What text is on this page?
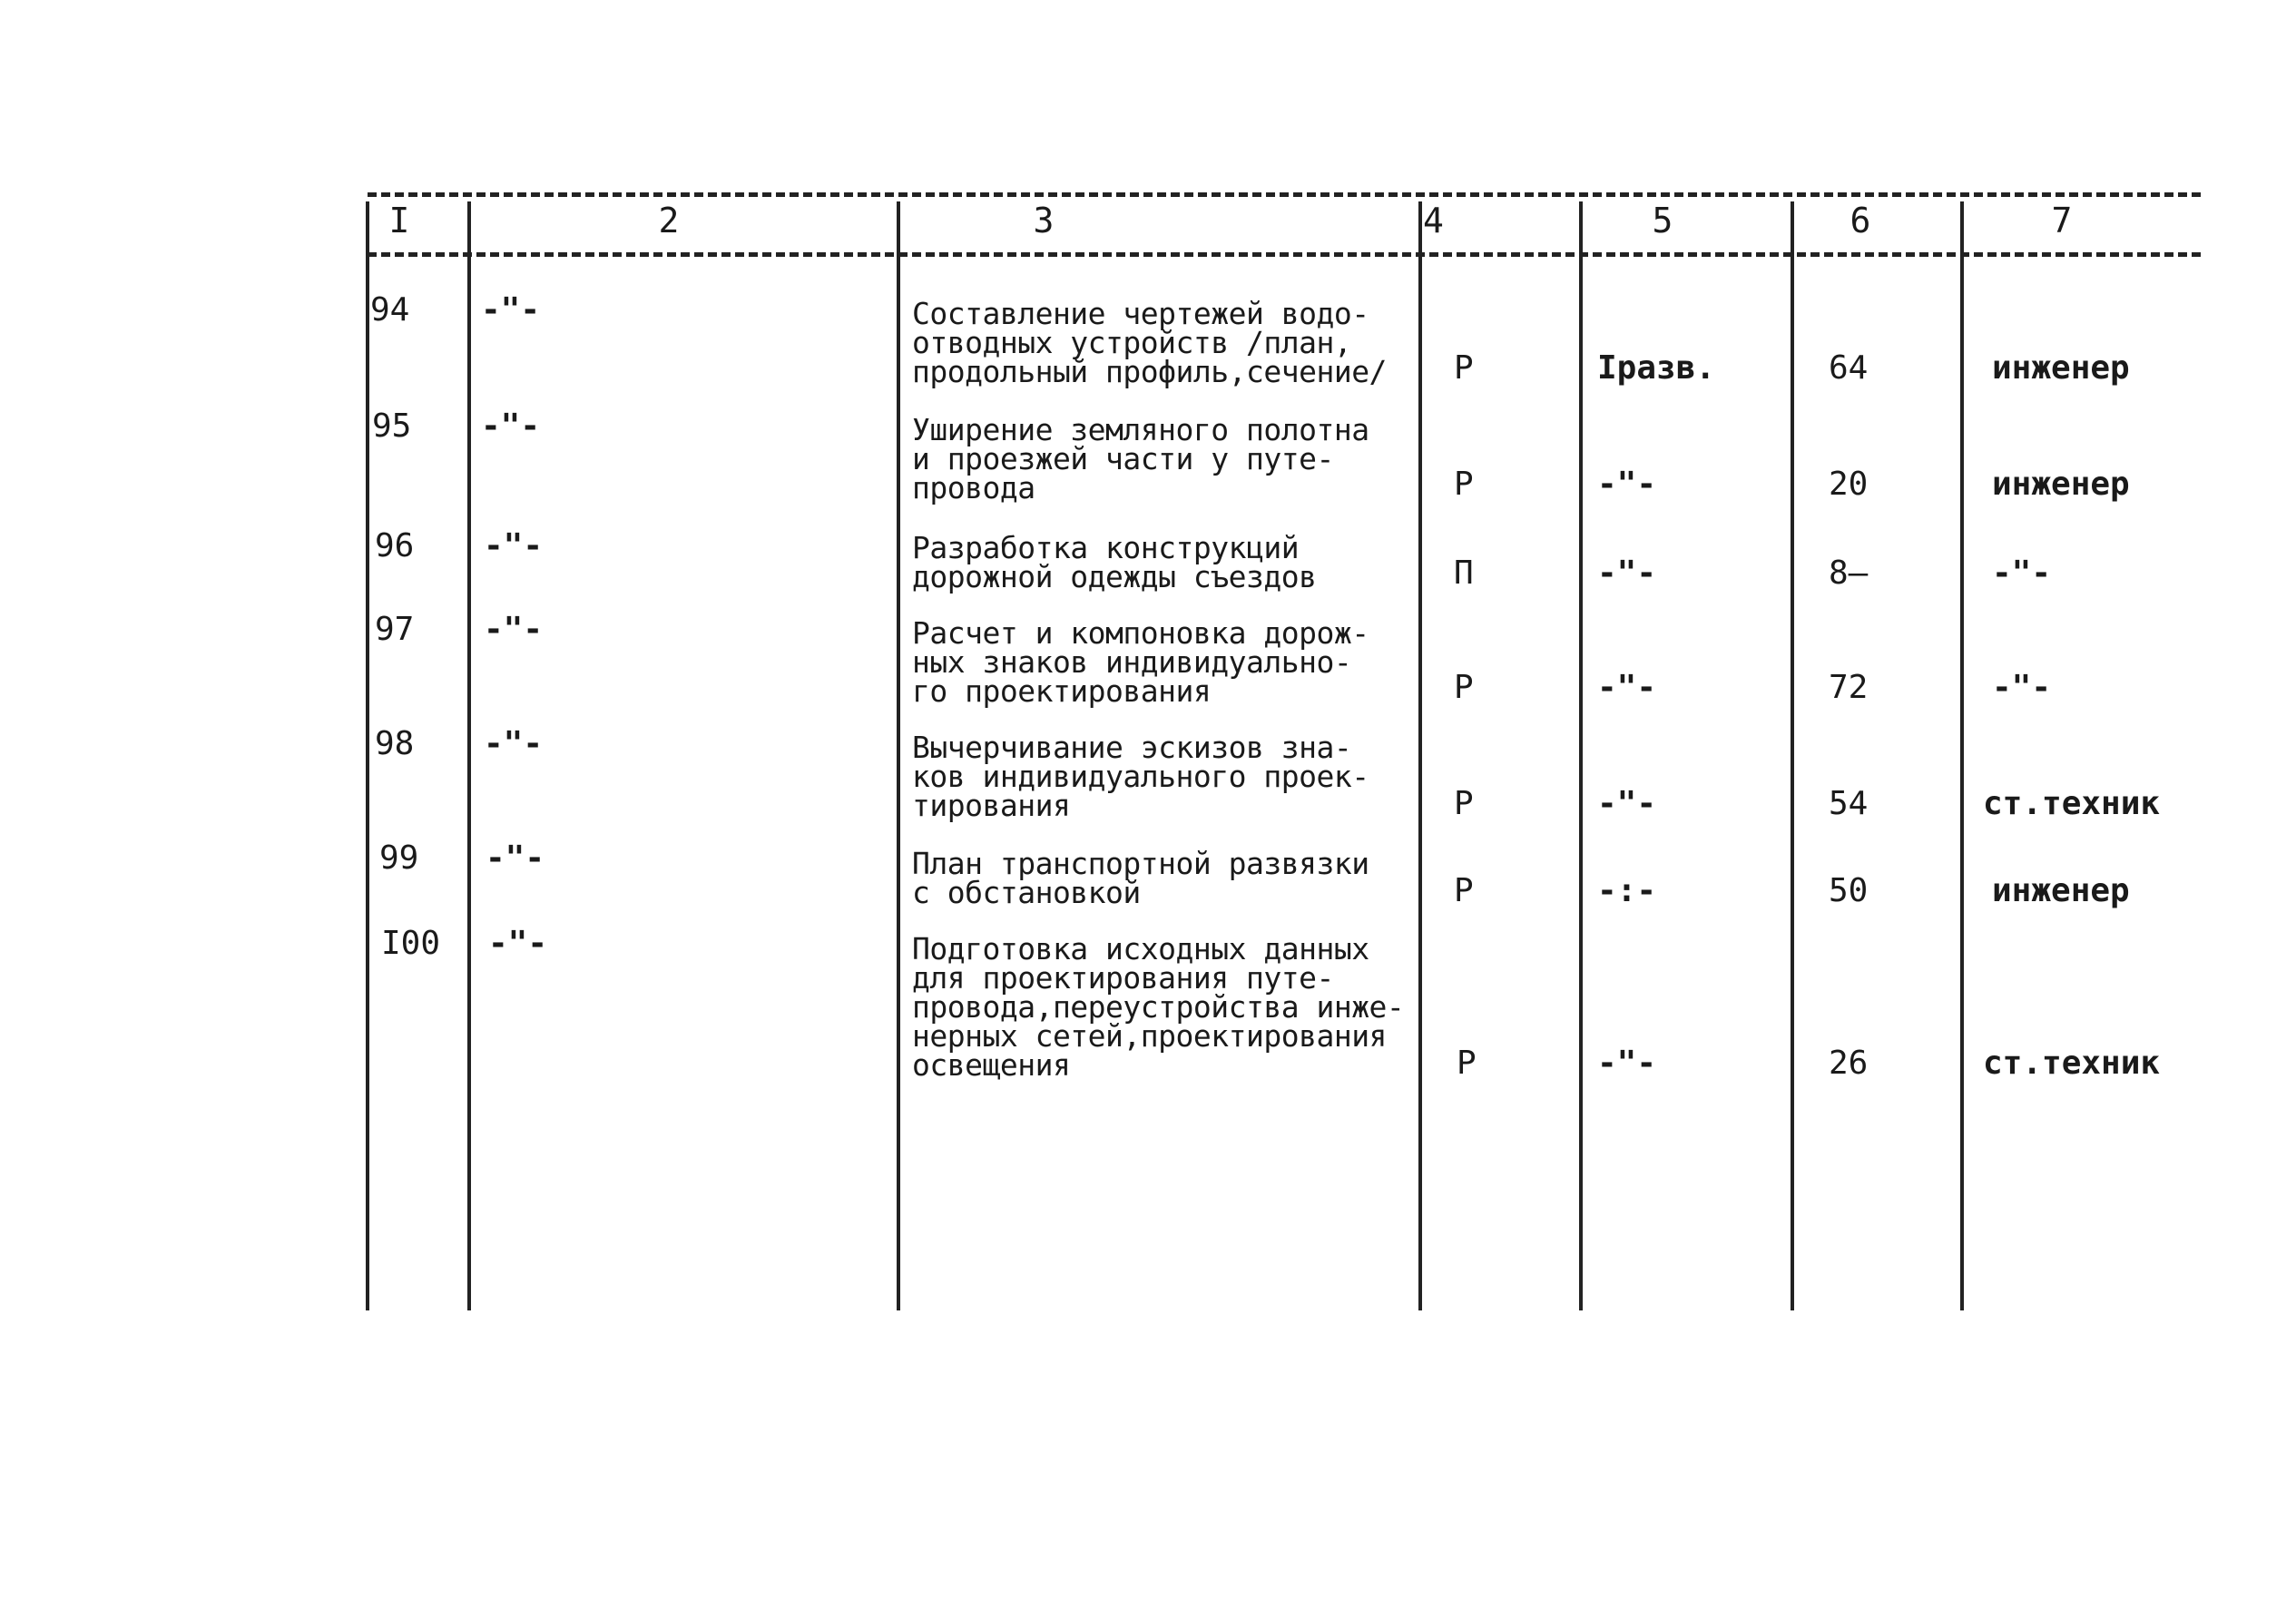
I	2	3	4	5	6	7
94 -"-	Составление чертежей водо-
отводных устройств /план,
продольный профиль,сечение/	Р	Iразв.	64	инженер
95 -"-	Уширение земляного полотна
и проезжей части у путе-
провода	Р	-"-	20	инженер
96 -"-	Разработка конструкций
дорожной одежды съездов	П	-"-	8—	-"-
97 -"-	Расчет и компоновка дорож-
ных знаков индивидуально-
го проектирования	Р	-"-	72	-"-
98 -"-	Вычерчивание эскизов зна-
ков индивидуального проек-
тирования	Р	-"-	54	ст.техник
99 -"-	План транспортной развязки
с обстановкой	Р	-:-	50	инженер
I00 -"-	Подготовка исходных данных
для проектирования путе-
провода,переустройства инже-
нерных сетей,проектирования
освещения	Р	-"-	26	ст.техник
